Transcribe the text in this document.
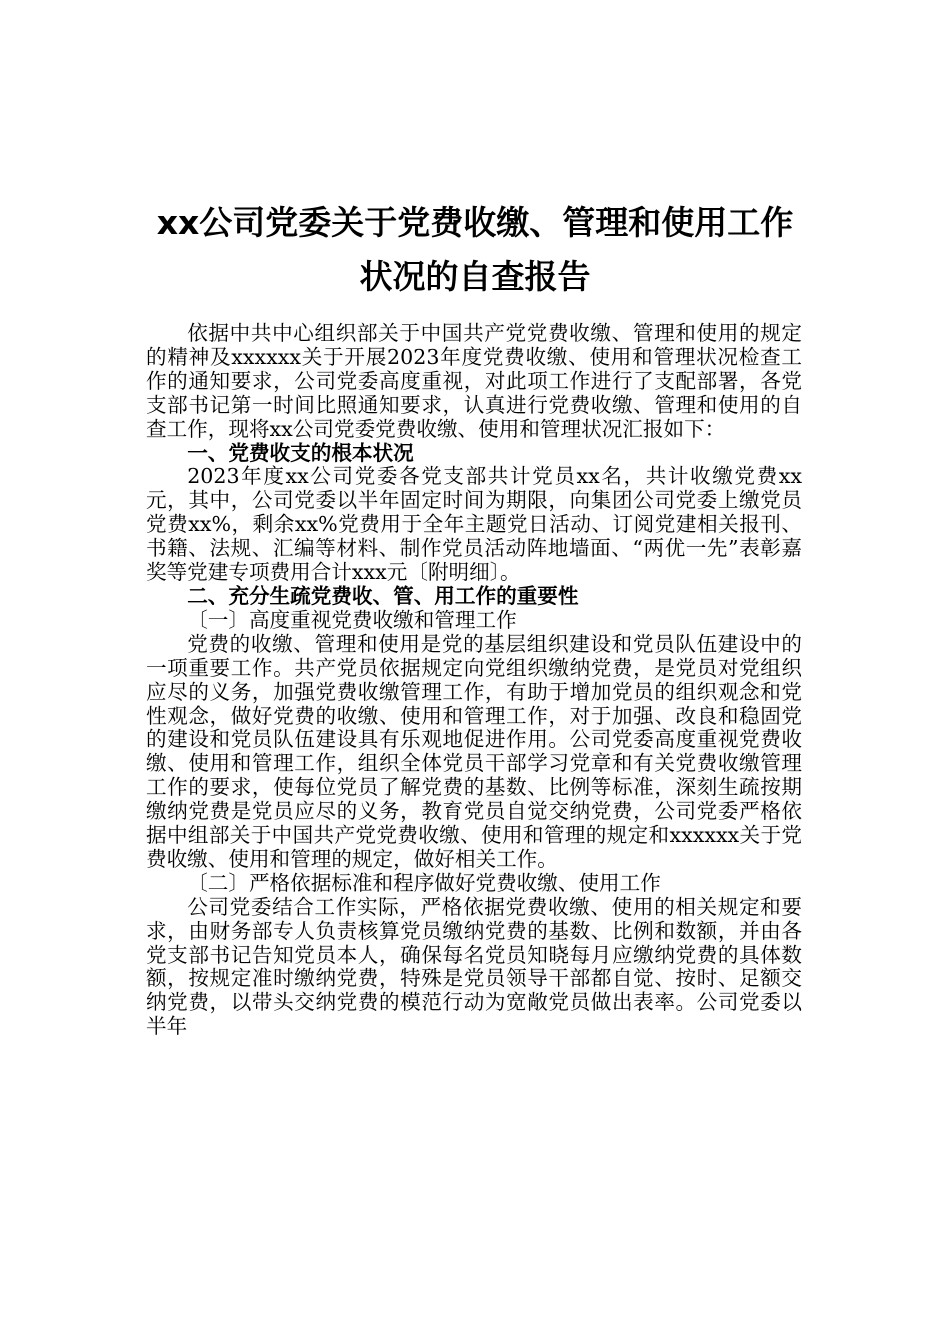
xx公司党委关于党费收缴、管理和使用工作
状况的自查报告

依据中共中心组织部关于中国共产党党费收缴、管理和使用的规定的精神及xxxxxx关于开展2023年度党费收缴、使用和管理状况检查工作的通知要求，公司党委高度重视，对此项工作进行了支配部署，各党支部书记第一时间比照通知要求，认真进行党费收缴、管理和使用的自查工作，现将xx公司党委党费收缴、使用和管理状况汇报如下：

一、党费收支的根本状况

2023年度xx公司党委各党支部共计党员xx名，共计收缴党费xx元，其中，公司党委以半年固定时间为期限，向集团公司党委上缴党员党费xx%，剩余xx%党费用于全年主题党日活动、订阅党建相关报刊、书籍、法规、汇编等材料、制作党员活动阵地墙面、“两优一先”表彰嘉奖等党建专项费用合计xxx元〔附明细〕。

二、充分生疏党费收、管、用工作的重要性

〔一〕高度重视党费收缴和管理工作

党费的收缴、管理和使用是党的基层组织建设和党员队伍建设中的一项重要工作。共产党员依据规定向党组织缴纳党费，是党员对党组织应尽的义务，加强党费收缴管理工作，有助于增加党员的组织观念和党性观念，做好党费的收缴、使用和管理工作，对于加强、改良和稳固党的建设和党员队伍建设具有乐观地促进作用。公司党委高度重视党费收缴、使用和管理工作，组织全体党员干部学习党章和有关党费收缴管理工作的要求，使每位党员了解党费的基数、比例等标准，深刻生疏按期缴纳党费是党员应尽的义务，教育党员自觉交纳党费，公司党委严格依据中组部关于中国共产党党费收缴、使用和管理的规定和xxxxxx关于党费收缴、使用和管理的规定，做好相关工作。

〔二〕严格依据标准和程序做好党费收缴、使用工作

公司党委结合工作实际，严格依据党费收缴、使用的相关规定和要求，由财务部专人负责核算党员缴纳党费的基数、比例和数额，并由各党支部书记告知党员本人，确保每名党员知晓每月应缴纳党费的具体数额，按规定准时缴纳党费，特殊是党员领导干部都自觉、按时、足额交纳党费，以带头交纳党费的模范行动为宽敞党员做出表率。公司党委以半年
